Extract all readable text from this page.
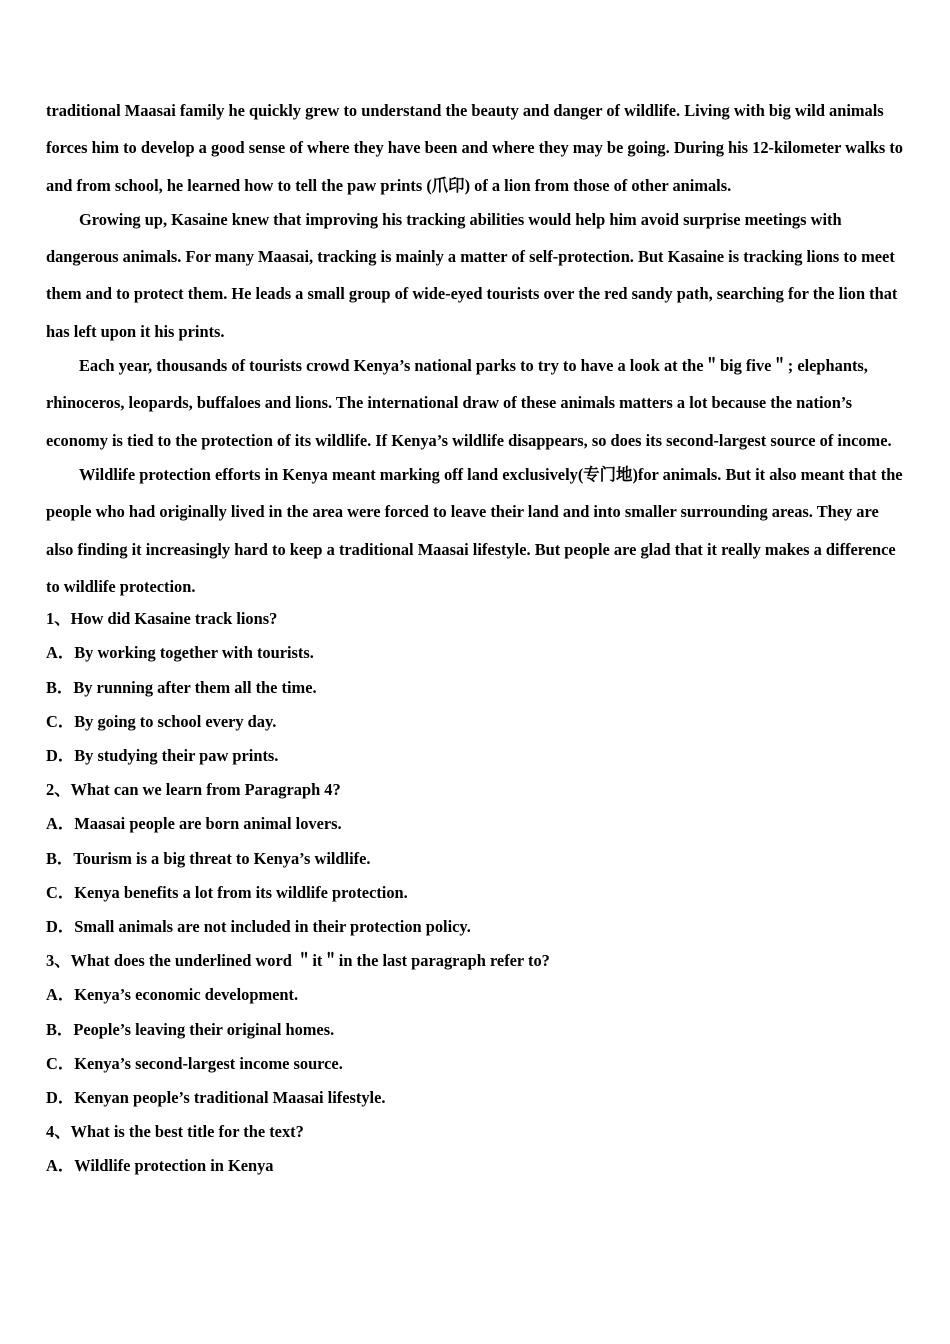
traditional Maasai family he quickly grew to understand the beauty and danger of wildlife. Living with big wild animals forces him to develop a good sense of where they have been and where they may be going. During his 12-kilometer walks to and from school, he learned how to tell the paw prints (爪印) of a lion from those of other animals.

Growing up, Kasaine knew that improving his tracking abilities would help him avoid surprise meetings with dangerous animals. For many Maasai, tracking is mainly a matter of self-protection. But Kasaine is tracking lions to meet them and to protect them. He leads a small group of wide-eyed tourists over the red sandy path, searching for the lion that has left upon it his prints.

Each year, thousands of tourists crowd Kenya’s national parks to try to have a look at the＂big five＂; elephants, rhinoceros, leopards, buffaloes and lions. The international draw of these animals matters a lot because the nation’s economy is tied to the protection of its wildlife. If Kenya’s wildlife disappears, so does its second-largest source of income.

Wildlife protection efforts in Kenya meant marking off land exclusively(专门地)for animals. But it also meant that the people who had originally lived in the area were forced to leave their land and into smaller surrounding areas. They are also finding it increasingly hard to keep a traditional Maasai lifestyle. But people are glad that it really makes a difference to wildlife protection.

1、How did Kasaine track lions?

A．By working together with tourists.

B．By running after them all the time.

C．By going to school every day.

D．By studying their paw prints.

2、What can we learn from Paragraph 4?

A．Maasai people are born animal lovers.

B．Tourism is a big threat to Kenya’s wildlife.

C．Kenya benefits a lot from its wildlife protection.

D．Small animals are not included in their protection policy.

3、What does the underlined word ＂it＂in the last paragraph refer to?

A．Kenya’s economic development.

B．People’s leaving their original homes.

C．Kenya’s second-largest income source.

D．Kenyan people’s traditional Maasai lifestyle.

4、What is the best title for the text?

A．Wildlife protection in Kenya
